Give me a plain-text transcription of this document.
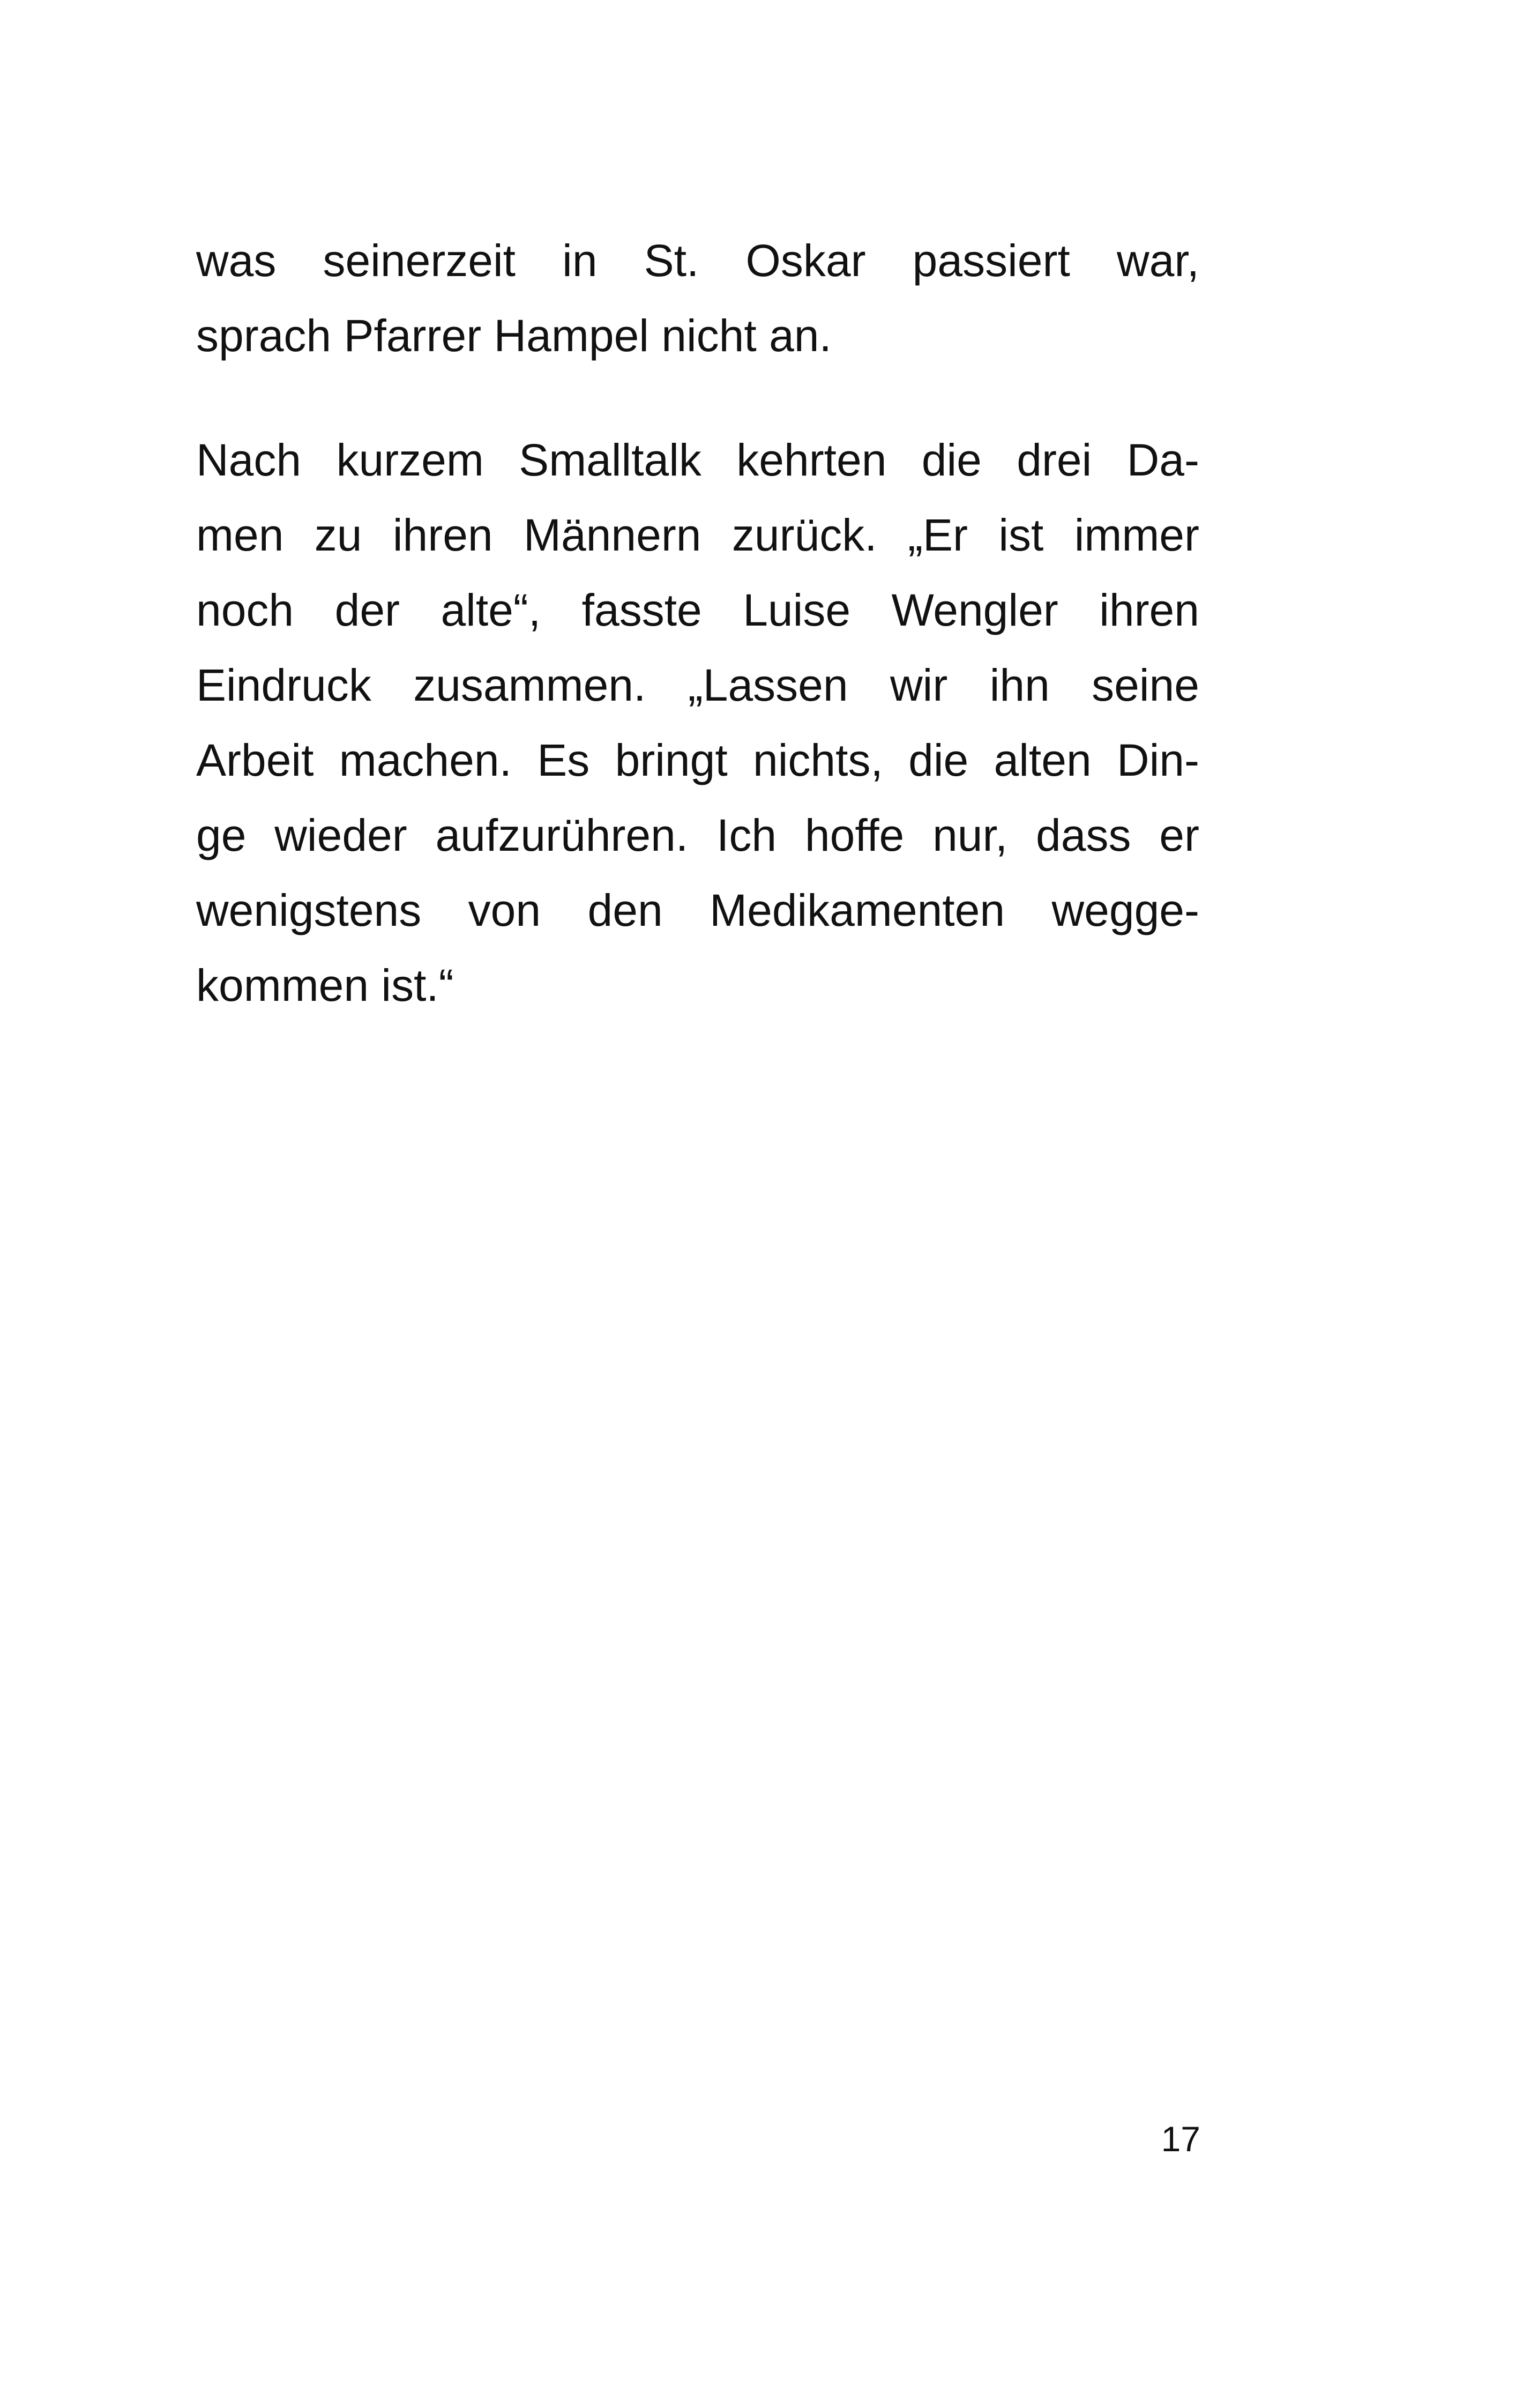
was seinerzeit in St. Oskar passiert war,
sprach Pfarrer Hampel nicht an.
Nach kurzem Smalltalk kehrten die drei Da-
men zu ihren Männern zurück. „Er ist immer
noch der alte“, fasste Luise Wengler ihren
Eindruck zusammen. „Lassen wir ihn seine
Arbeit machen. Es bringt nichts, die alten Din-
ge wieder aufzurühren. Ich hoffe nur, dass er
wenigstens von den Medikamenten wegge-
kommen ist.“
17
